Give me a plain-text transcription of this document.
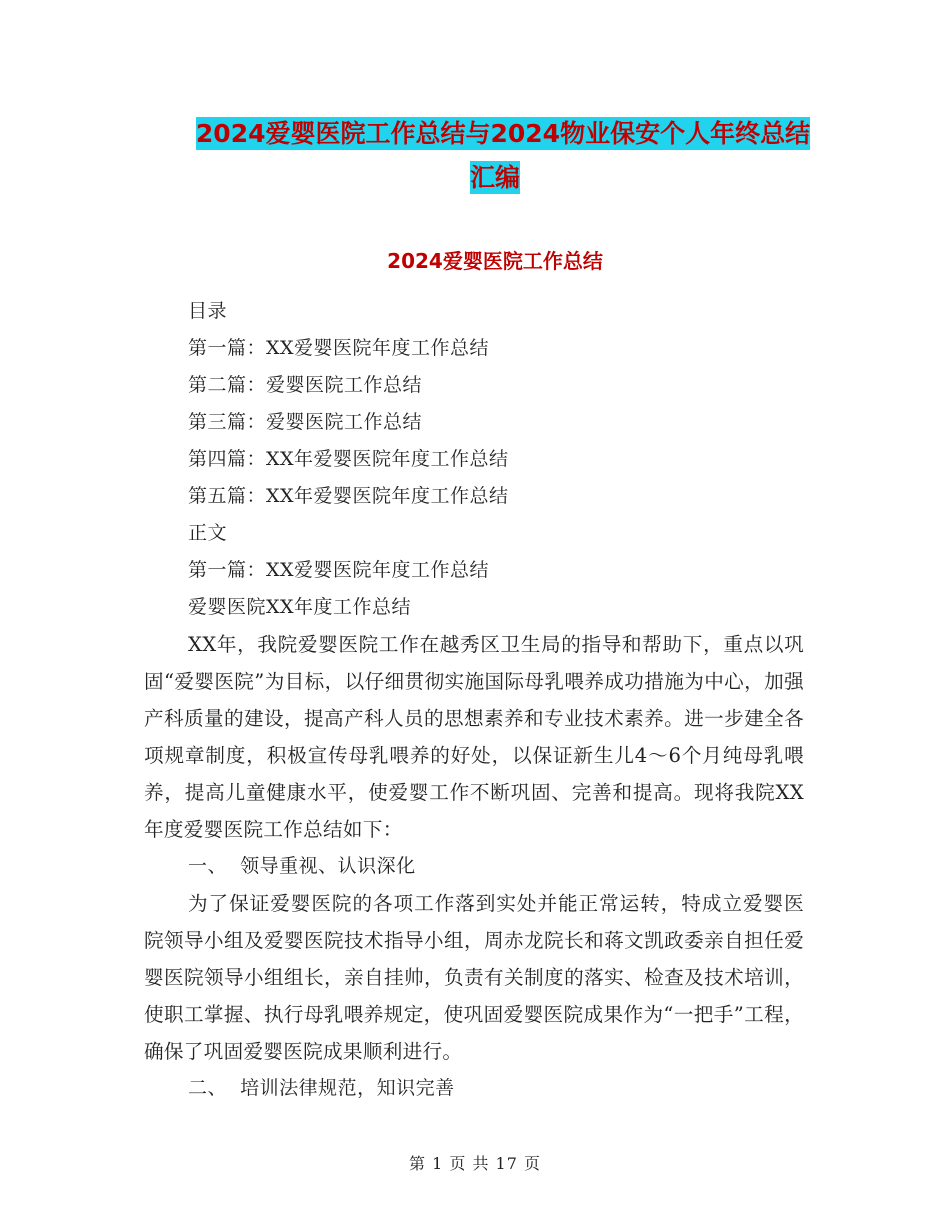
2024爱婴医院工作总结与2024物业保安个人年终总结
汇编
2024爱婴医院工作总结
目录
第一篇：XX爱婴医院年度工作总结
第二篇：爱婴医院工作总结
第三篇：爱婴医院工作总结
第四篇：XX年爱婴医院年度工作总结
第五篇：XX年爱婴医院年度工作总结
正文
第一篇：XX爱婴医院年度工作总结
爱婴医院XX年度工作总结
XX年，我院爱婴医院工作在越秀区卫生局的指导和帮助下，重点以巩固“爱婴医院”为目标，以仔细贯彻实施国际母乳喂养成功措施为中心，加强产科质量的建设，提高产科人员的思想素养和专业技术素养。进一步建全各项规章制度，积极宣传母乳喂养的好处，以保证新生儿4～6个月纯母乳喂养，提高儿童健康水平，使爱婴工作不断巩固、完善和提高。现将我院XX年度爱婴医院工作总结如下：
一、  领导重视、认识深化
为了保证爱婴医院的各项工作落到实处并能正常运转，特成立爱婴医院领导小组及爱婴医院技术指导小组，周赤龙院长和蒋文凯政委亲自担任爱婴医院领导小组组长，亲自挂帅，负责有关制度的落实、检查及技术培训，使职工掌握、执行母乳喂养规定，使巩固爱婴医院成果作为“一把手”工程，确保了巩固爱婴医院成果顺利进行。
二、  培训法律规范，知识完善
第 1 页 共 17 页
